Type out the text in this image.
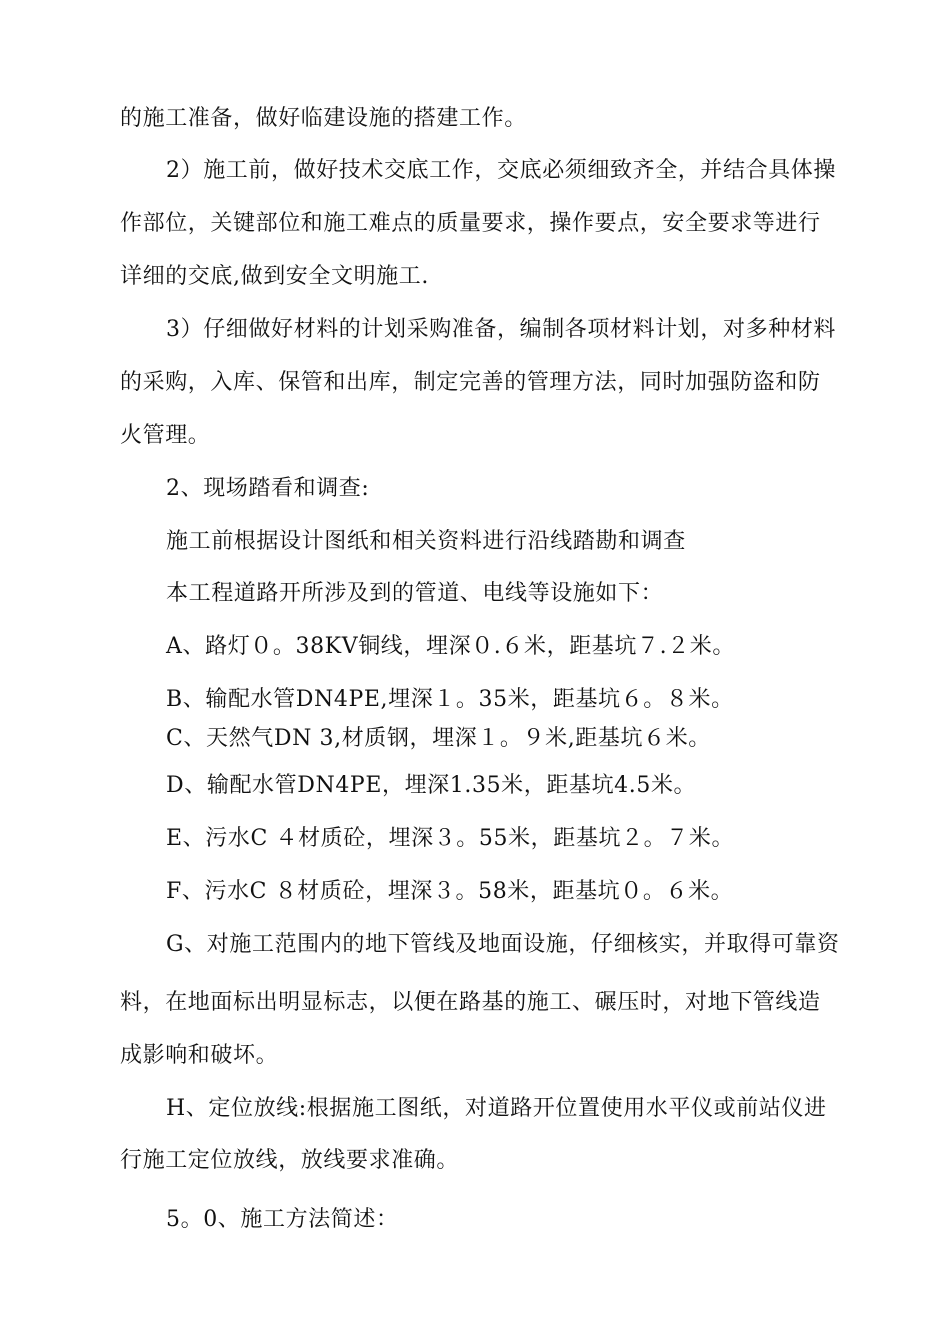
的施工准备，做好临建设施的搭建工作。
2）施工前，做好技术交底工作，交底必须细致齐全，并结合具体操
作部位，关键部位和施工难点的质量要求，操作要点，安全要求等进行
详细的交底,做到安全文明施工.
3）仔细做好材料的计划采购准备，编制各项材料计划，对多种材料
的采购，入库、保管和出库，制定完善的管理方法，同时加强防盗和防
火管理。
2、现场踏看和调查:
施工前根据设计图纸和相关资料进行沿线踏勘和调查
本工程道路开所涉及到的管道、电线等设施如下：
A、路灯０。38KV铜线，埋深０.６米，距基坑７.２米。
B、输配水管DN4PE,埋深１。35米，距基坑６。８米。
C、天然气DN 3,材质钢，埋深１。９米,距基坑６米。
D、输配水管DN4PE，埋深1.35米，距基坑4.5米。
E、污水C ４材质砼，埋深３。55米，距基坑２。７米。
F、污水C ８材质砼，埋深３。58米，距基坑０。６米。
G、对施工范围内的地下管线及地面设施，仔细核实，并取得可靠资
料，在地面标出明显标志，以便在路基的施工、碾压时，对地下管线造
成影响和破坏。
H、定位放线:根据施工图纸，对道路开位置使用水平仪或前站仪进
行施工定位放线，放线要求准确。
5。0、施工方法简述：
